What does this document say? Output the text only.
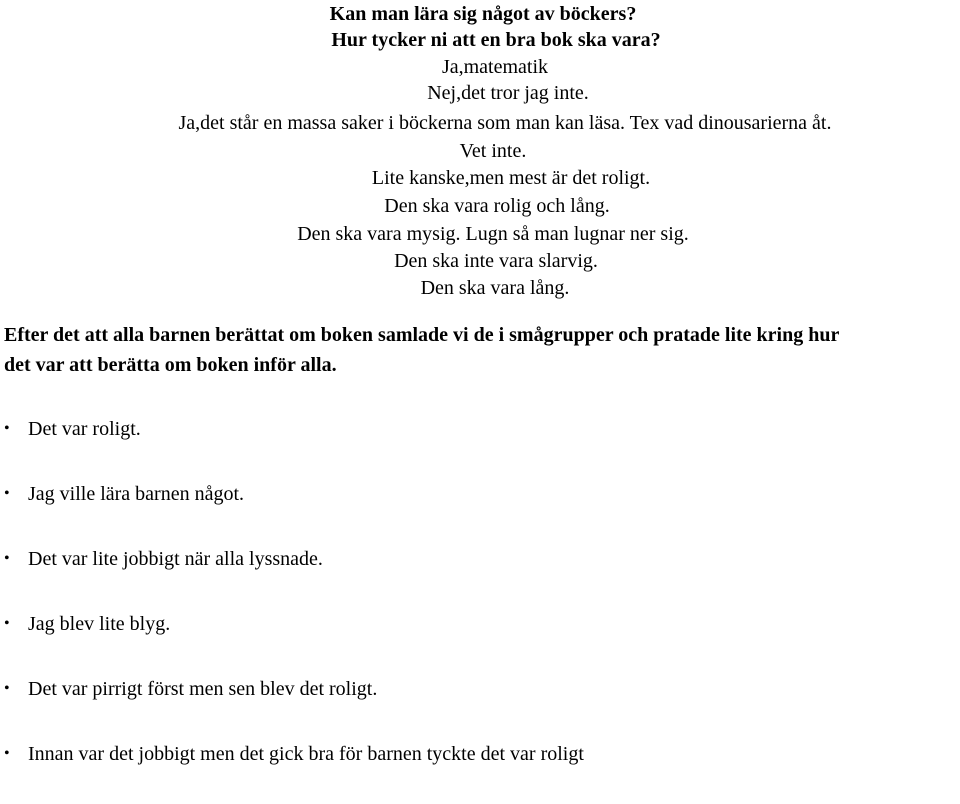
Kan man lära sig något av böckers?
Hur tycker ni att en bra bok ska vara?
Ja,matematik
Nej,det tror jag inte.
Ja,det står en massa saker i böckerna som man kan läsa. Tex vad dinousarierna åt.
Vet inte.
Lite kanske,men mest är det roligt.
Den ska vara rolig och lång.
Den ska vara mysig. Lugn så man lugnar ner sig.
Den ska inte vara slarvig.
Den ska vara lång.

Efter det att alla barnen berättat om boken samlade vi de i smågrupper och pratade lite kring hur

det var att berätta om boken inför alla.

• Det var roligt.
• Jag ville lära barnen något.
• Det var lite jobbigt när alla lyssnade.
• Jag blev lite blyg.
• Det var pirrigt först men sen blev det roligt.
• Innan var det jobbigt men det gick bra för barnen tyckte det var roligt
